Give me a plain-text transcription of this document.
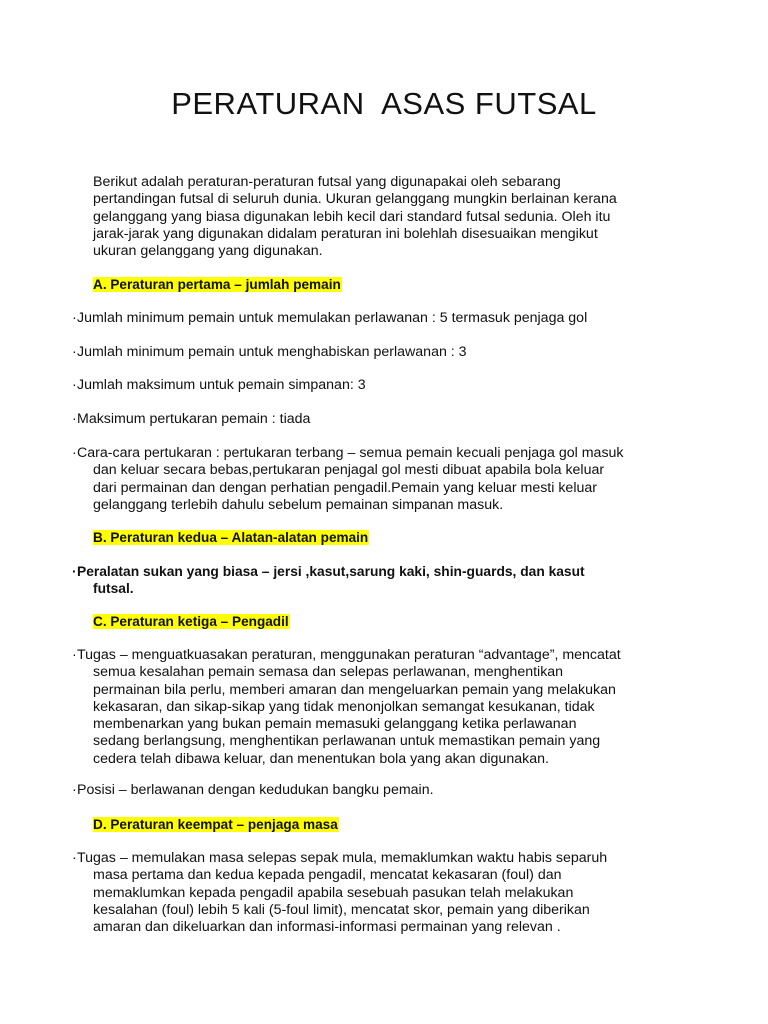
PERATURAN  ASAS FUTSAL
Berikut adalah peraturan-peraturan futsal yang digunapakai oleh sebarang
pertandingan futsal di seluruh dunia. Ukuran gelanggang mungkin berlainan kerana
gelanggang yang biasa digunakan lebih kecil dari standard futsal sedunia. Oleh itu
jarak-jarak yang digunakan didalam peraturan ini bolehlah disesuaikan mengikut
ukuran gelanggang yang digunakan.
A. Peraturan pertama – jumlah pemain
·Jumlah minimum pemain untuk memulakan perlawanan : 5 termasuk penjaga gol
·Jumlah minimum pemain untuk menghabiskan perlawanan : 3
·Jumlah maksimum untuk pemain simpanan: 3
·Maksimum pertukaran pemain : tiada
·Cara-cara pertukaran : pertukaran terbang – semua pemain kecuali penjaga gol masuk
dan keluar secara bebas,pertukaran penjagal gol mesti dibuat apabila bola keluar
dari permainan dan dengan perhatian pengadil.Pemain yang keluar mesti keluar
gelanggang terlebih dahulu sebelum pemainan simpanan masuk.
B. Peraturan kedua – Alatan-alatan pemain
·Peralatan sukan yang biasa – jersi ,kasut,sarung kaki, shin-guards, dan kasut
futsal.
C. Peraturan ketiga – Pengadil
·Tugas – menguatkuasakan peraturan, menggunakan peraturan “advantage”, mencatat
semua kesalahan pemain semasa dan selepas perlawanan, menghentikan
permainan bila perlu, memberi amaran dan mengeluarkan pemain yang melakukan
kekasaran, dan sikap-sikap yang tidak menonjolkan semangat kesukanan, tidak
membenarkan yang bukan pemain memasuki gelanggang ketika perlawanan
sedang berlangsung, menghentikan perlawanan untuk memastikan pemain yang
cedera telah dibawa keluar, dan menentukan bola yang akan digunakan.
·Posisi – berlawanan dengan kedudukan bangku pemain.
D. Peraturan keempat – penjaga masa
·Tugas – memulakan masa selepas sepak mula, memaklumkan waktu habis separuh
masa pertama dan kedua kepada pengadil, mencatat kekasaran (foul) dan
memaklumkan kepada pengadil apabila sesebuah pasukan telah melakukan
kesalahan (foul) lebih 5 kali (5-foul limit), mencatat skor, pemain yang diberikan
amaran dan dikeluarkan dan informasi-informasi permainan yang relevan .
